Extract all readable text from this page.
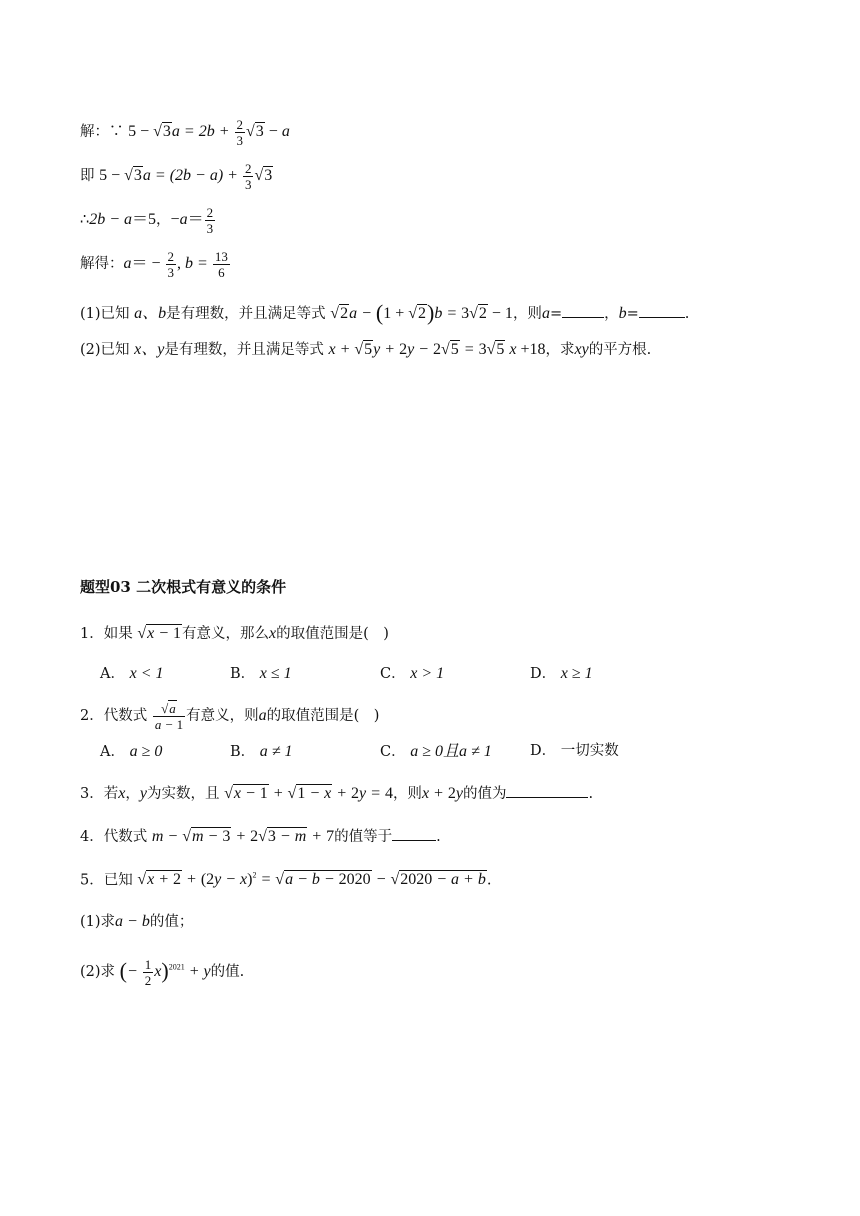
解：∵ 5 − √ $3a = 2b + \frac{2}{3}$ √ 3 − a
即 5 − √ $3a = (2b - a) + \frac{2}{3}$ √ 3
∴2b − a＝5，$-a= \frac{2}{3}$
解得：$a= - \frac{2}{3}$ , $b = \frac{13}{6}$
(1)已知 a、b是有理数，并且满足等式 √ 2a − (1 + √ 2)b = 3 √ 2 − 1，则a=	，b=	.
(2)已知 x、y是有理数，并且满足等式 x + √ 5y + 2y − 2 √ 5 = 3 √ 5 x +18，求xy的平方根.
题型03 二次根式有意义的条件
1．如果 √ x − 1有意义，那么x的取值范围是(　)
A． x < 1	B． x ≤ 1	C． x > 1	D． x ≥ 1
2．代数式 √ $\frac{a}{a - 1}$ 有意义，则a的取值范围是(　)
A． a ≥ 0	B． a ≠ 1	C． a ≥ 0且a ≠ 1	D． 一切实数
3．若x，y为实数，且 √ x − 1 + √ 1 − x + 2y = 4，则x + 2y的值为	.
4．代数式 m − √ m − 3 + 2 √ 3 − m + 7的值等于	.
5．已知 √ $x + 2 + (2y - x)^2$ = √ a − b − 2020 − √ 2020 − a + b.
(1)求a − b的值；
(2)求 (− $\frac{1}{2} x)^{2021} + y$的值.
